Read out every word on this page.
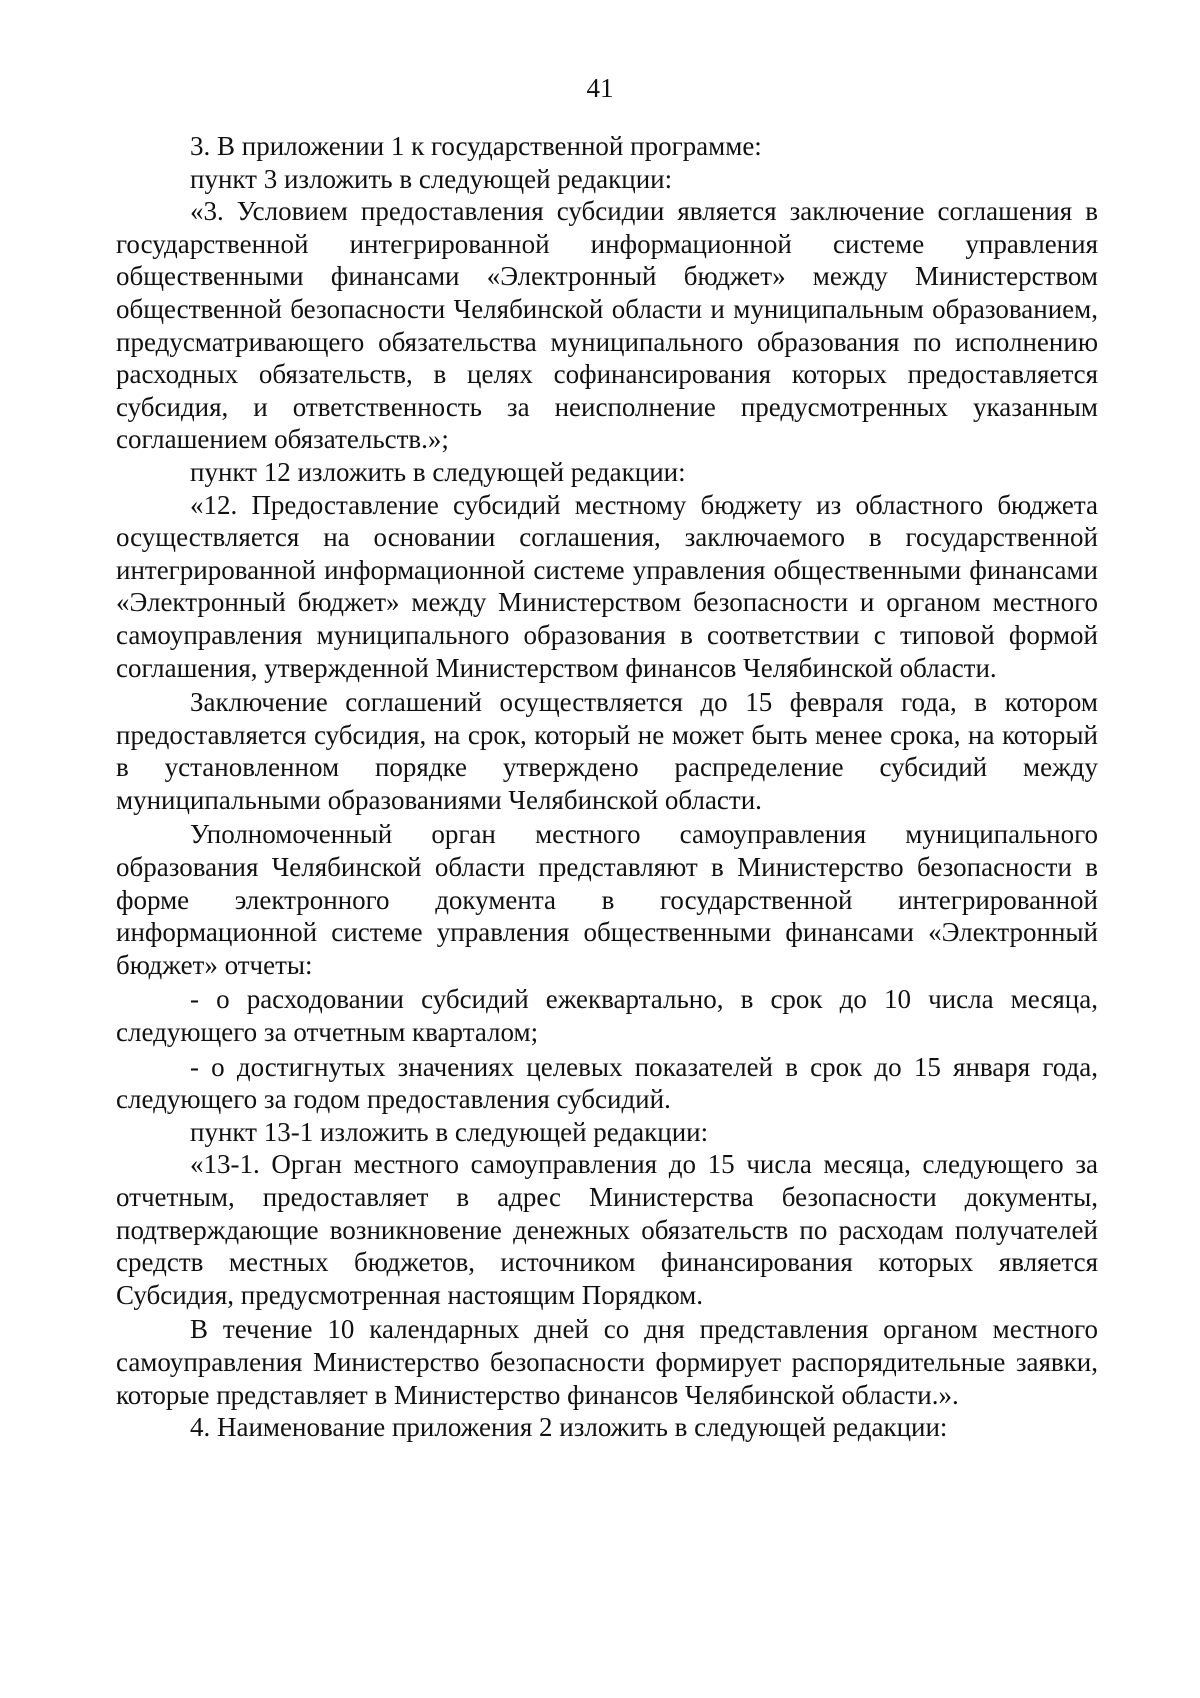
41

3. В приложении 1 к государственной программе:

пункт 3 изложить в следующей редакции:

«3. Условием предоставления субсидии является заключение соглашения в государственной интегрированной информационной системе управления общественными финансами «Электронный бюджет» между Министерством общественной безопасности Челябинской области и муниципальным образованием, предусматривающего обязательства муниципального образования по исполнению расходных обязательств, в целях софинансирования которых предоставляется субсидия, и ответственность за неисполнение предусмотренных указанным соглашением обязательств.»;

пункт 12 изложить в следующей редакции:

«12. Предоставление субсидий местному бюджету из областного бюджета осуществляется на основании соглашения, заключаемого в государственной интегрированной информационной системе управления общественными финансами «Электронный бюджет» между Министерством безопасности и органом местного самоуправления муниципального образования в соответствии с типовой формой соглашения, утвержденной Министерством финансов Челябинской области.

Заключение соглашений осуществляется до 15 февраля года, в котором предоставляется субсидия, на срок, который не может быть менее срока, на который в установленном порядке утверждено распределение субсидий между муниципальными образованиями Челябинской области.

Уполномоченный орган местного самоуправления муниципального образования Челябинской области представляют в Министерство безопасности в форме электронного документа в государственной интегрированной информационной системе управления общественными финансами «Электронный бюджет» отчеты:

- о расходовании субсидий ежеквартально, в срок до 10 числа месяца, следующего за отчетным кварталом;

- о достигнутых значениях целевых показателей в срок до 15 января года, следующего за годом предоставления субсидий.

пункт 13-1 изложить в следующей редакции:

«13-1. Орган местного самоуправления до 15 числа месяца, следующего за отчетным, предоставляет в адрес Министерства безопасности документы, подтверждающие возникновение денежных обязательств по расходам получателей средств местных бюджетов, источником финансирования которых является Субсидия, предусмотренная настоящим Порядком.

В течение 10 календарных дней со дня представления органом местного самоуправления Министерство безопасности формирует распорядительные заявки, которые представляет в Министерство финансов Челябинской области.».

4. Наименование приложения 2 изложить в следующей редакции:
